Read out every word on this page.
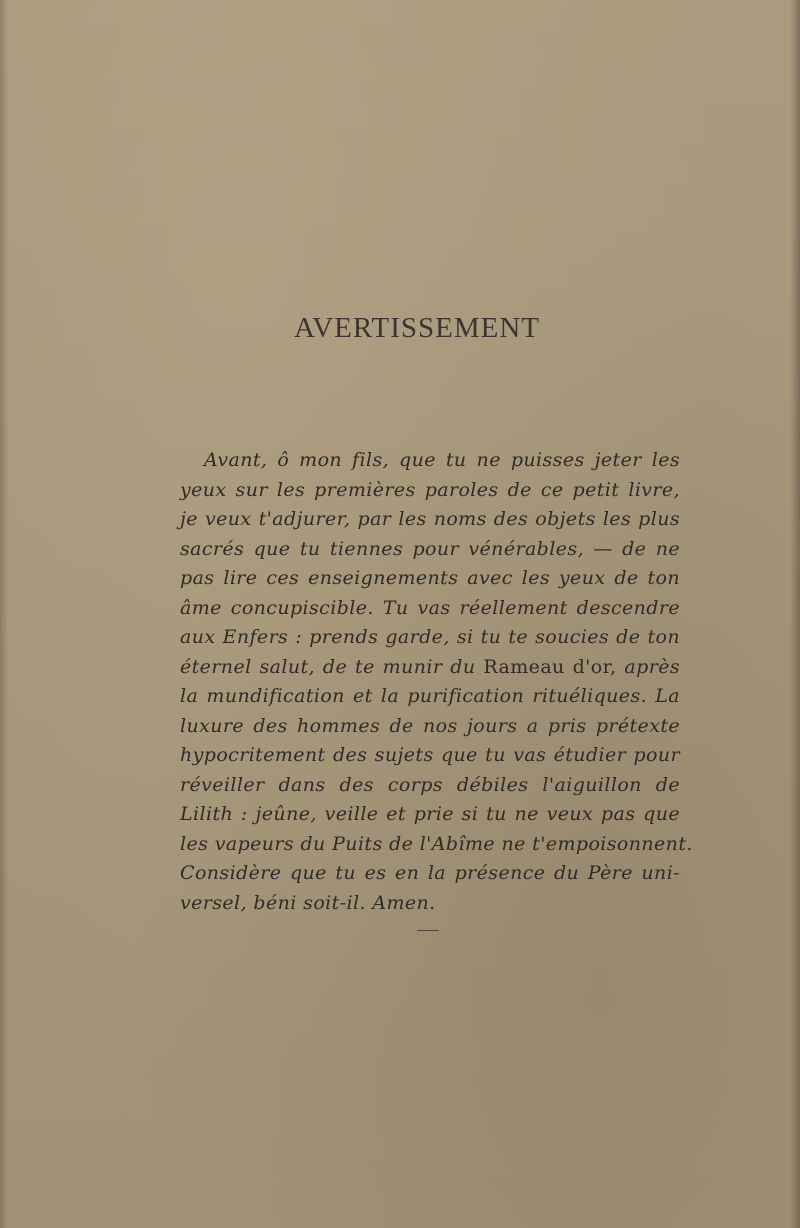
AVERTISSEMENT
Avant, ô mon fils, que tu ne puisses jeter les
yeux sur les premières paroles de ce petit livre,
je veux t'adjurer, par les noms des objets les plus
sacrés que tu tiennes pour vénérables, — de ne
pas lire ces enseignements avec les yeux de ton
âme concupiscible. Tu vas réellement descendre
aux Enfers : prends garde, si tu te soucies de ton
éternel salut, de te munir du Rameau d'or, après
la mundification et la purification rituéliques. La
luxure des hommes de nos jours a pris prétexte
hypocritement des sujets que tu vas étudier pour
réveiller dans des corps débiles l'aiguillon de
Lilith : jeûne, veille et prie si tu ne veux pas que
les vapeurs du Puits de l'Abîme ne t'empoisonnent.
Considère que tu es en la présence du Père uni-
versel, béni soit-il. Amen.
